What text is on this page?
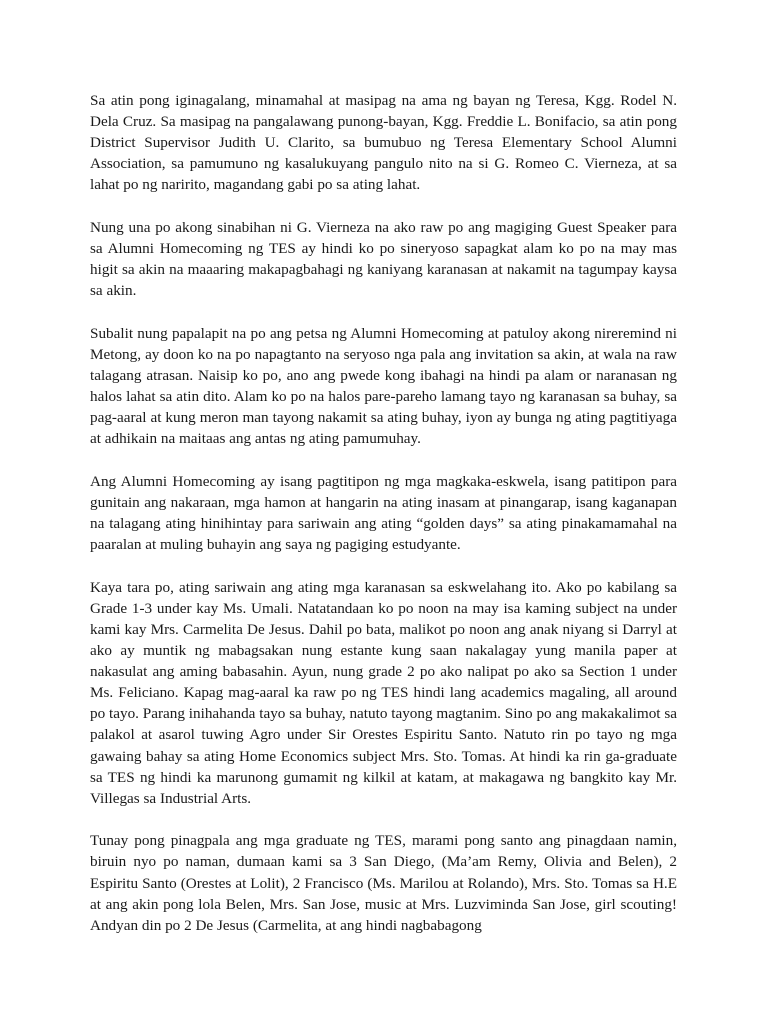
Sa atin pong iginagalang, minamahal at masipag na ama ng bayan ng Teresa, Kgg. Rodel N. Dela Cruz. Sa masipag na pangalawang punong-bayan, Kgg. Freddie L. Bonifacio, sa atin pong District Supervisor Judith U. Clarito, sa bumubuo ng Teresa Elementary School Alumni Association, sa pamumuno ng kasalukuyang pangulo nito na si G. Romeo C. Vierneza, at sa lahat po ng naririto, magandang gabi po sa ating lahat.

Nung una po akong sinabihan ni G. Vierneza na ako raw po ang magiging Guest Speaker para sa Alumni Homecoming ng TES ay hindi ko po sineryoso sapagkat alam ko po na may mas higit sa akin na maaaring makapagbahagi ng kaniyang karanasan at nakamit na tagumpay kaysa sa akin.

Subalit nung papalapit na po ang petsa ng Alumni Homecoming at patuloy akong nireremind ni Metong, ay doon ko na po napagtanto na seryoso nga pala ang invitation sa akin, at wala na raw talagang atrasan. Naisip ko po, ano ang pwede kong ibahagi na hindi pa alam or naranasan ng halos lahat sa atin dito. Alam ko po na halos pare-pareho lamang tayo ng karanasan sa buhay, sa pag-aaral at kung meron man tayong nakamit sa ating buhay, iyon ay bunga ng ating pagtitiyaga at adhikain na maitaas ang antas ng ating pamumuhay.

Ang Alumni Homecoming ay isang pagtitipon ng mga magkaka-eskwela, isang patitipon para gunitain ang nakaraan, mga hamon at hangarin na ating inasam at pinangarap, isang kaganapan na talagang ating hinihintay para sariwain ang ating “golden days” sa ating pinakamamahal na paaralan at muling buhayin ang saya ng pagiging estudyante.

Kaya tara po, ating sariwain ang ating mga karanasan sa eskwelahang ito. Ako po kabilang sa Grade 1-3 under kay Ms. Umali. Natatandaan ko po noon na may isa kaming subject na under kami kay Mrs. Carmelita De Jesus. Dahil po bata, malikot po noon ang anak niyang si Darryl at ako ay muntik ng mabagsakan nung estante kung saan nakalagay yung manila paper at nakasulat ang aming babasahin. Ayun, nung grade 2 po ako nalipat po ako sa Section 1 under Ms. Feliciano. Kapag mag-aaral ka raw po ng TES hindi lang academics magaling, all around po tayo. Parang inihahanda tayo sa buhay, natuto tayong magtanim. Sino po ang makakalimot sa palakol at asarol tuwing Agro under Sir Orestes Espiritu Santo. Natuto rin po tayo ng mga gawaing bahay sa ating Home Economics subject Mrs. Sto. Tomas. At hindi ka rin ga-graduate sa TES ng hindi ka marunong gumamit ng kilkil at katam, at makagawa ng bangkito kay Mr. Villegas sa Industrial Arts.

Tunay pong pinagpala ang mga graduate ng TES, marami pong santo ang pinagdaan namin, biruin nyo po naman, dumaan kami sa 3 San Diego, (Ma’am Remy, Olivia and Belen), 2 Espiritu Santo (Orestes at Lolit), 2 Francisco (Ms. Marilou at Rolando), Mrs. Sto. Tomas sa H.E at ang akin pong lola Belen, Mrs. San Jose, music at Mrs. Luzviminda San Jose, girl scouting! Andyan din po 2 De Jesus (Carmelita, at ang hindi nagbabagong
